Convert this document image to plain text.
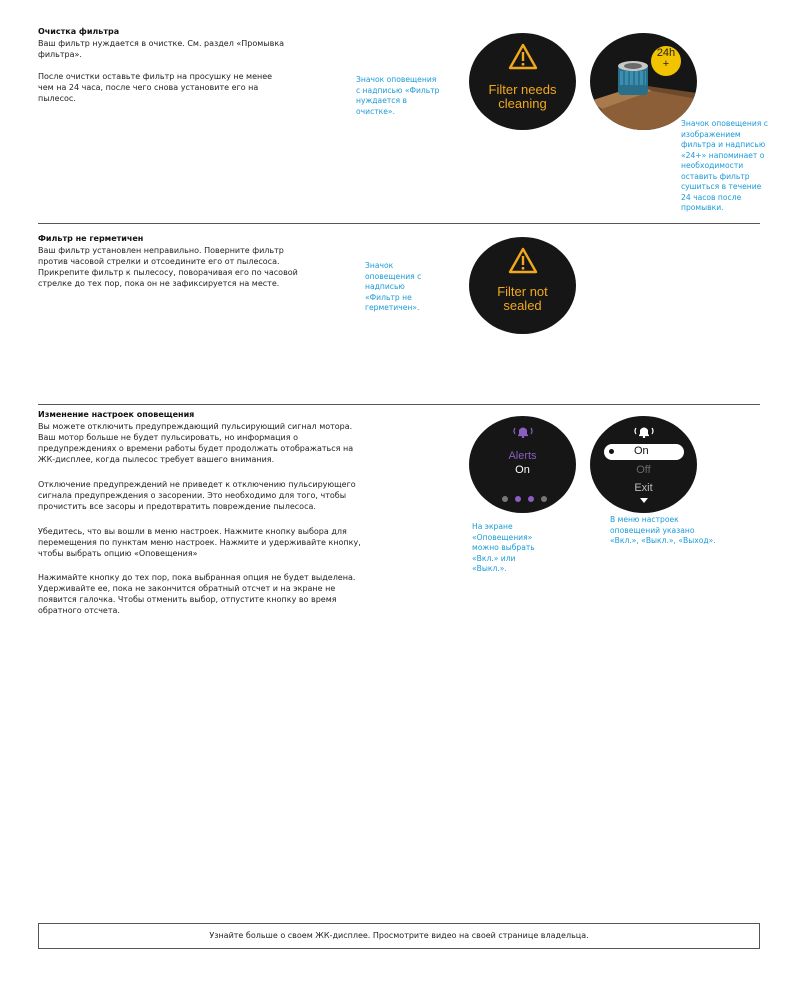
Очистка фильтра

Ваш фильтр нуждается в очистке. См. раздел «Промывка
фильтра».

После очистки оставьте фильтр на просушку не менее
чем на 24 часа, после чего снова установите его на
пылесос.

Значок оповещения
с надписью «Фильтр
нуждается в
очистке».

Filter needs
cleaning
24h
+

Значок оповещения с
изображением
фильтра и надписью
«24+» напоминает о
необходимости
оставить фильтр
сушиться в течение
24 часов после
промывки.

Фильтр не герметичен

Ваш фильтр установлен неправильно. Поверните фильтр
против часовой стрелки и отсоедините его от пылесоса.
Прикрепите фильтр к пылесосу, поворачивая его по часовой
стрелке до тех пор, пока он не зафиксируется на месте.

Значок
оповещения с
надписью
«Фильтр не
герметичен».

Filter not
sealed
Изменение настроек оповещения

Вы можете отключить предупреждающий пульсирующий сигнал мотора.
Ваш мотор больше не будет пульсировать, но информация о
предупреждениях о времени работы будет продолжать отображаться на
ЖК-дисплее, когда пылесос требует вашего внимания.

Отключение предупреждений не приведет к отключению пульсирующего
сигнала предупреждения о засорении. Это необходимо для того, чтобы
прочистить все засоры и предотвратить повреждение пылесоса.

Убедитесь, что вы вошли в меню настроек. Нажмите кнопку выбора для
перемещения по пунктам меню настроек. Нажмите и удерживайте кнопку,
чтобы выбрать опцию «Оповещения»

Нажимайте кнопку до тех пор, пока выбранная опция не будет выделена.
Удерживайте ее, пока не закончится обратный отсчет и на экране не
появится галочка. Чтобы отменить выбор, отпустите кнопку во время
обратного отсчета.

Alerts
On
On
Off
Exit

На экране
«Оповещения»
можно выбрать
«Вкл.» или
«Выкл.».

В меню настроек
оповещений указано
«Вкл.», «Выкл.», «Выход».

Узнайте больше о своем ЖК-дисплее. Просмотрите видео на своей странице владельца.
